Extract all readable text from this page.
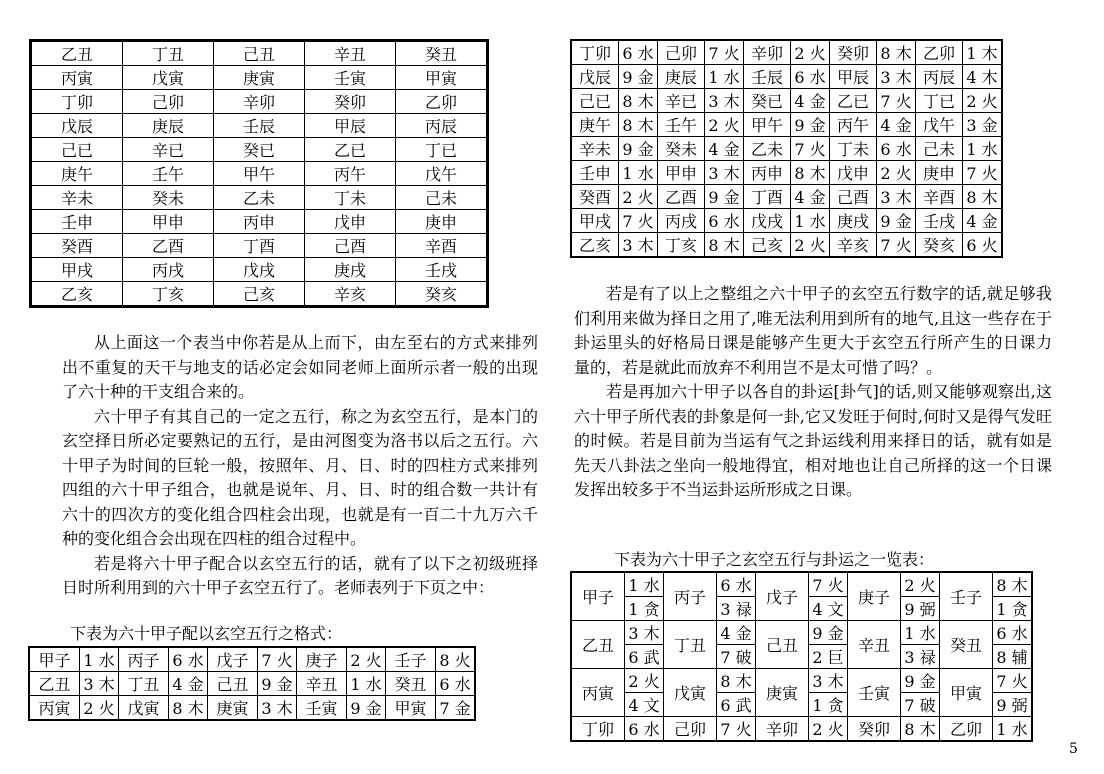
乙丑	丁丑	己丑	辛丑	癸丑
丙寅	戊寅	庚寅	壬寅	甲寅
丁卯	己卯	辛卯	癸卯	乙卯
戊辰	庚辰	壬辰	甲辰	丙辰
己已	辛已	癸已	乙已	丁已
庚午	壬午	甲午	丙午	戊午
辛未	癸未	乙未	丁未	己未
壬申	甲申	丙申	戊申	庚申
癸酉	乙酉	丁酉	己酉	辛酉
甲戌	丙戌	戊戌	庚戌	壬戌
乙亥	丁亥	己亥	辛亥	癸亥
从上面这一个表当中你若是从上而下，由左至右的方式来排列出不重复的天干与地支的话必定会如同老师上面所示者一般的出现了六十种的干支组合来的。
六十甲子有其自己的一定之五行，称之为玄空五行，是本门的玄空择日所必定要熟记的五行，是由河图变为洛书以后之五行。六十甲子为时间的巨轮一般，按照年、月、日、时的四柱方式来排列四组的六十甲子组合，也就是说年、月、日、时的组合数一共计有六十的四次方的变化组合四柱会出现，也就是有一百二十九万六千种的变化组合会出现在四柱的组合过程中。
若是将六十甲子配合以玄空五行的话，就有了以下之初级班择日时所利用到的六十甲子玄空五行了。老师表列于下页之中：
下表为六十甲子配以玄空五行之格式：
甲子	1 水	丙子	6 水	戊子	7 火	庚子	2 火	壬子	8 火
乙丑	3 木	丁丑	4 金	己丑	9 金	辛丑	1 水	癸丑	6 水
丙寅	2 火	戊寅	8 木	庚寅	3 木	壬寅	9 金	甲寅	7 金
丁卯	6 水	己卯	7 火	辛卯	2 火	癸卯	8 木	乙卯	1 木
戊辰	9 金	庚辰	1 水	壬辰	6 水	甲辰	3 木	丙辰	4 木
己已	8 木	辛已	3 木	癸已	4 金	乙已	7 火	丁已	2 火
庚午	8 木	壬午	2 火	甲午	9 金	丙午	4 金	戊午	3 金
辛未	9 金	癸未	4 金	乙未	7 火	丁未	6 水	己未	1 水
壬申	1 水	甲申	3 木	丙申	8 木	戊申	2 火	庚申	7 火
癸酉	2 火	乙酉	9 金	丁酉	4 金	己酉	3 木	辛酉	8 木
甲戌	7 火	丙戌	6 水	戊戌	1 水	庚戌	9 金	壬戌	4 金
乙亥	3 木	丁亥	8 木	己亥	2 火	辛亥	7 火	癸亥	6 火
若是有了以上之整组之六十甲子的玄空五行数字的话,就足够我们利用来做为择日之用了,唯无法利用到所有的地气,且这一些存在于卦运里头的好格局日课是能够产生更大于玄空五行所产生的日课力量的，若是就此而放弃不利用岂不是太可惜了吗？。
若是再加六十甲子以各自的卦运[卦气]的话,则又能够观察出,这六十甲子所代表的卦象是何一卦,它又发旺于何时,何时又是得气发旺的时候。若是目前为当运有气之卦运线利用来择日的话，就有如是先天八卦法之坐向一般地得宜，相对地也让自己所择的这一个日课发挥出较多于不当运卦运所形成之日课。
下表为六十甲子之玄空五行与卦运之一览表：
甲子	1 水	丙子	6 水	戊子	7 火	庚子	2 火	壬子	8 木
	1 贪		3 禄		4 文		9 弼		1 贪
乙丑	3 木	丁丑	4 金	己丑	9 金	辛丑	1 水	癸丑	6 水
	6 武		7 破		2 巨		3 禄		8 辅
丙寅	2 火	戊寅	8 木	庚寅	3 木	壬寅	9 金	甲寅	7 火
	4 文		6 武		1 贪		7 破		9 弼
丁卯	6 水	己卯	7 火	辛卯	2 火	癸卯	8 木	乙卯	1 水
5
